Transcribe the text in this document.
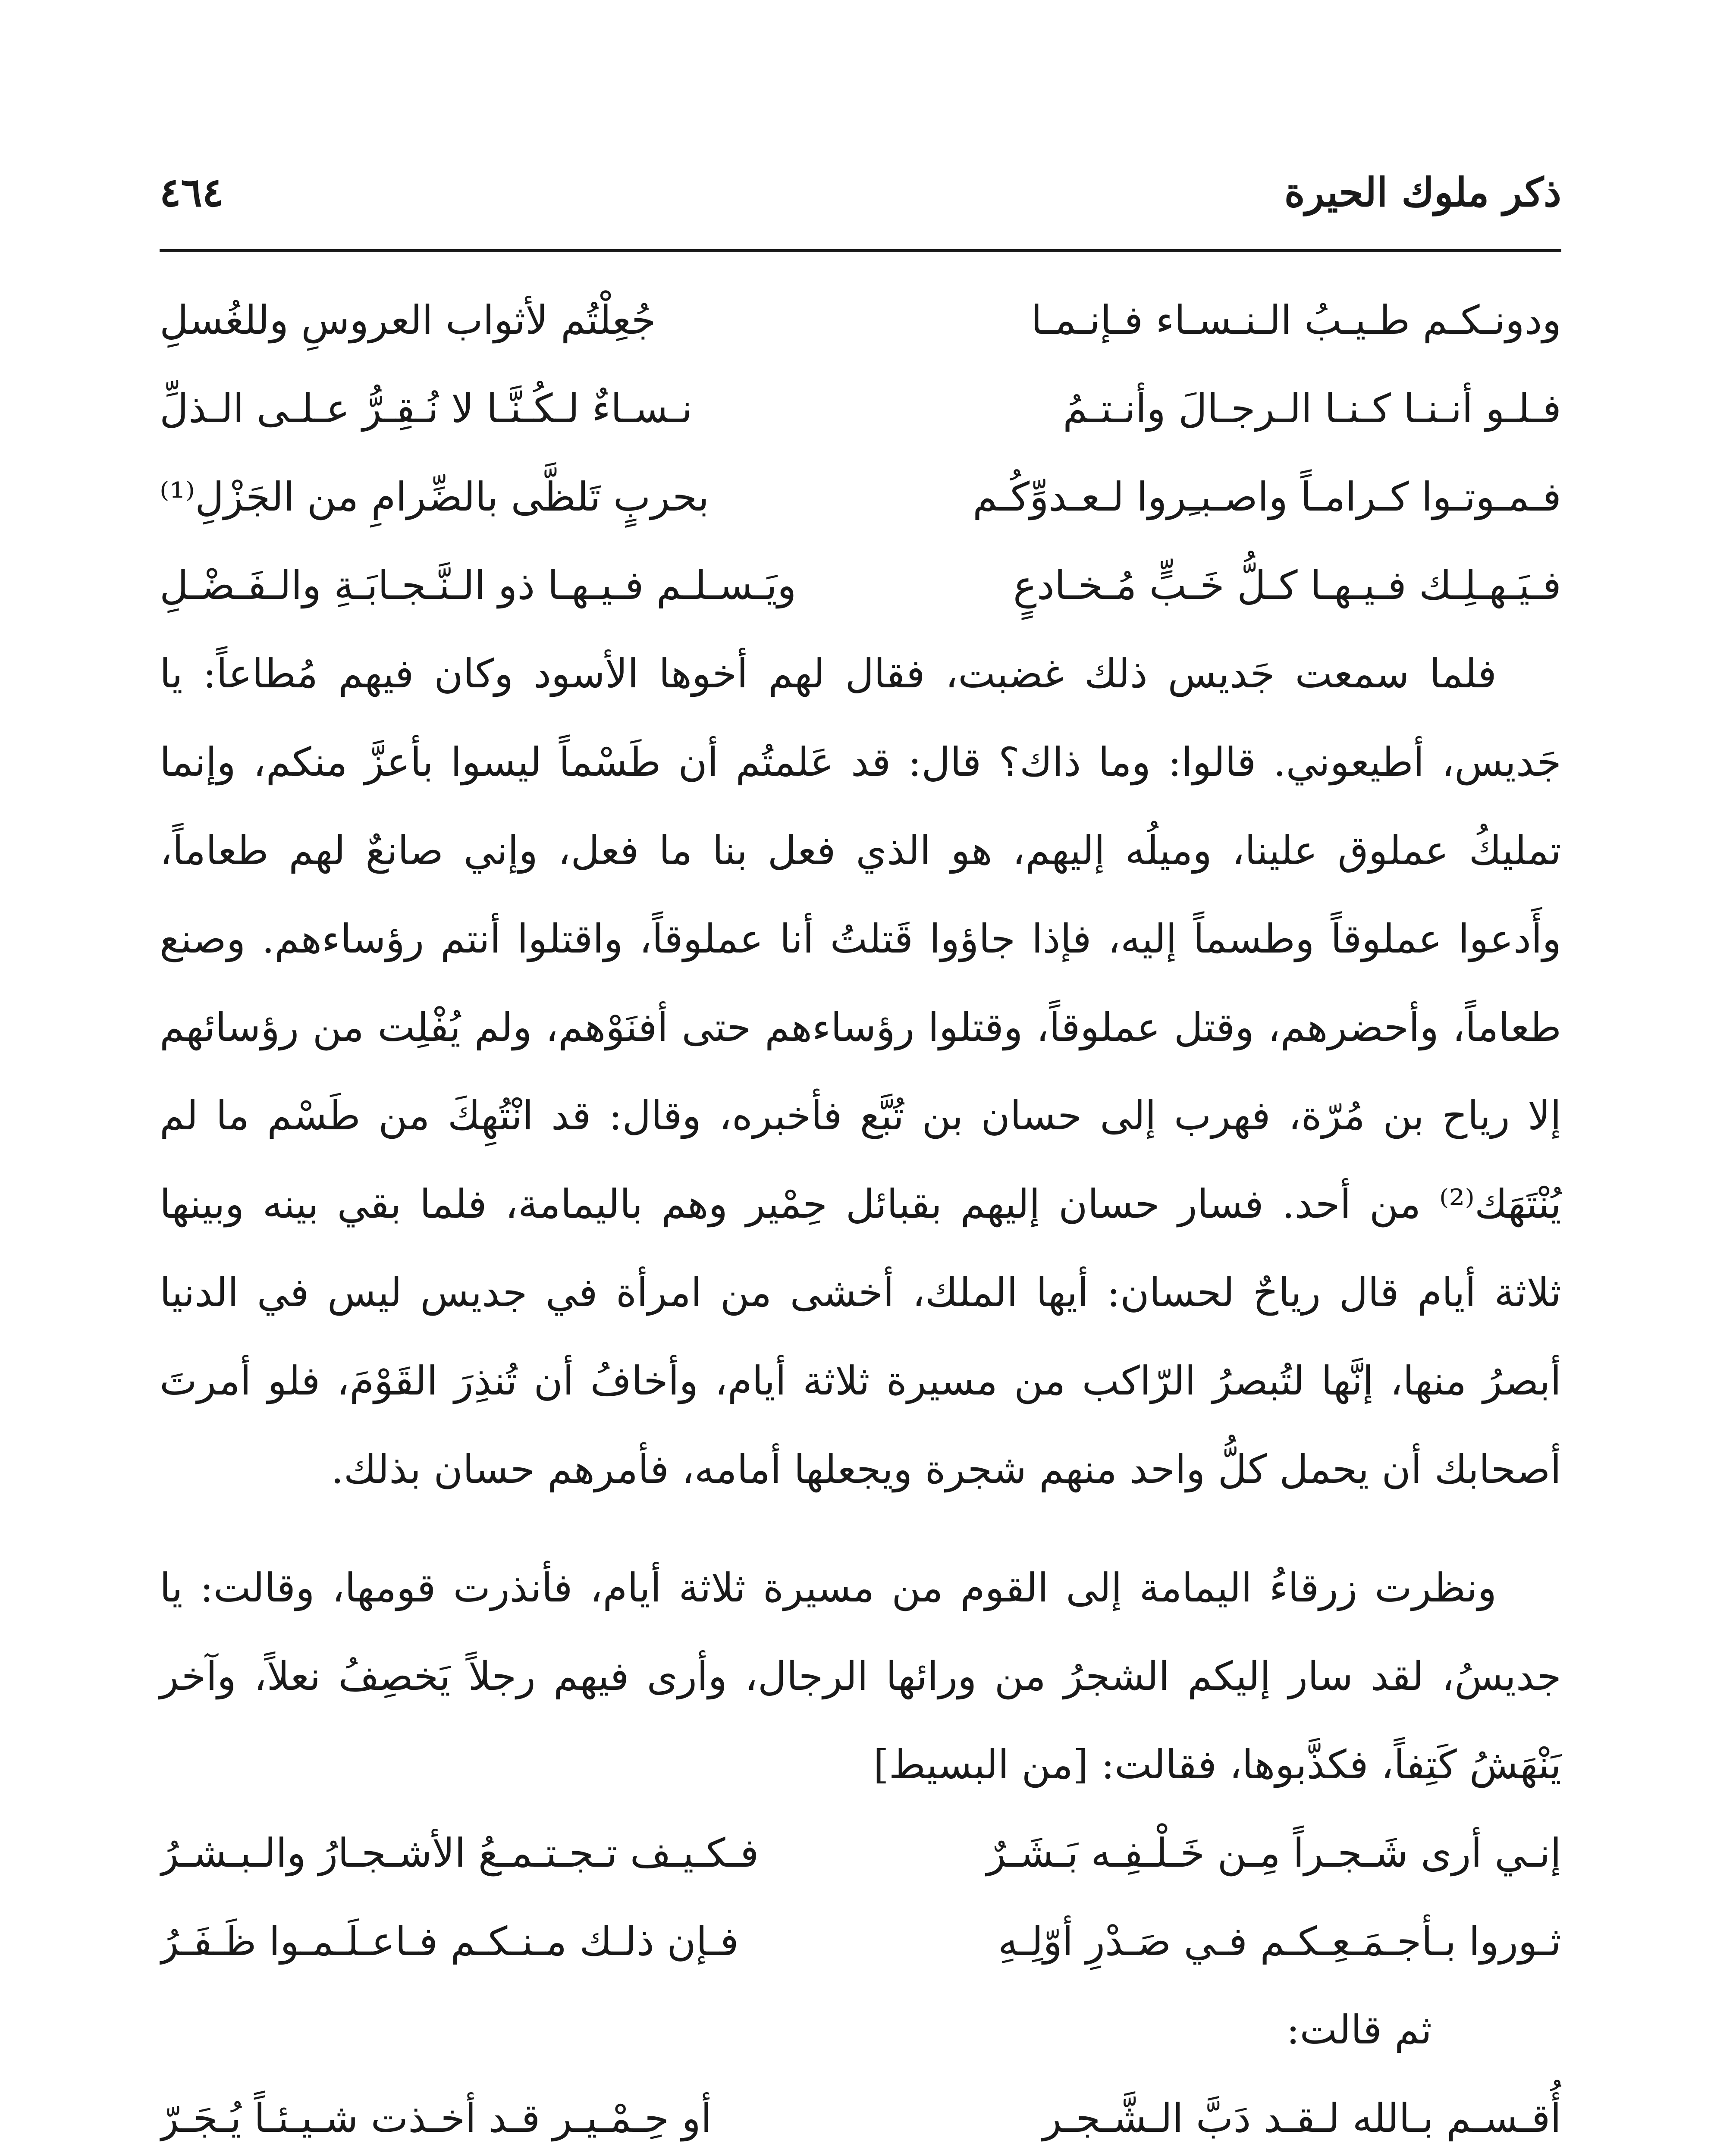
ذكر ملوك الحيرة
٤٦٤
ودونـكـم طـيـبُ الـنـسـاء فـإنـمـا
جُعِلْتُم لأثواب العروسِ وللغُسلِ
فـلـو أنـنـا كـنـا الـرجـالَ وأنـتـمُ
نـسـاءٌ لـكُـنَّـا لا نُـقِـرُّ عـلـى الـذلِّ
فـمـوتـوا كـرامـاً واصـبـِروا لـعـدوِّكُـم
بحربٍ تَلظَّى بالضِّرامِ من الجَزْلِ⁽¹⁾
فـيَـهـلِـك فـيـهـا كـلُّ خَـبٍّ مُـخـادعٍ
ويَـسـلـم فـيـهـا ذو الـنَّـجـابَـةِ والـفَـضْـلِ

فلما سمعت جَديس ذلك غضبت، فقال لهم أخوها الأسود وكان فيهم مُطاعاً: يا جَديس، أطيعوني. قالوا: وما ذاك؟ قال: قد عَلمتُم أن طَسْماً ليسوا بأعزَّ منكم، وإنما تمليكُ عملوق علينا، وميلُه إليهم، هو الذي فعل بنا ما فعل، وإني صانعٌ لهم طعاماً، وأَدعوا عملوقاً وطسماً إليه، فإذا جاؤوا قَتلتُ أنا عملوقاً، واقتلوا أنتم رؤساءهم. وصنع طعاماً، وأحضرهم، وقتل عملوقاً، وقتلوا رؤساءهم حتى أفنَوْهم، ولم يُفْلِت من رؤسائهم إلا رياح بن مُرّة، فهرب إلى حسان بن تُبَّع فأخبره، وقال: قد انْتُهِكَ من طَسْم ما لم يُنْتَهَك⁽²⁾ من أحد. فسار حسان إليهم بقبائل حِمْير وهم باليمامة، فلما بقي بينه وبينها ثلاثة أيام قال رياحٌ لحسان: أيها الملك، أخشى من امرأة في جديس ليس في الدنيا أبصرُ منها، إنَّها لتُبصرُ الرّاكب من مسيرة ثلاثة أيام، وأخافُ أن تُنذِرَ القَوْمَ، فلو أمرتَ أصحابك أن يحمل كلُّ واحد منهم شجرة ويجعلها أمامه، فأمرهم حسان بذلك.

ونظرت زرقاءُ اليمامة إلى القوم من مسيرة ثلاثة أيام، فأنذرت قومها، وقالت: يا جديسُ، لقد سار إليكم الشجرُ من ورائها الرجال، وأرى فيهم رجلاً يَخصِفُ نعلاً، وآخر يَنْهَشُ كَتِفاً، فكذَّبوها، فقالت: [من البسيط]

إنـي أرى شَـجـراً مِـن خَـلْـفِـه بَـشَـرٌ
فـكـيـف تـجـتـمـعُ الأشـجـارُ والـبـشـرُ
ثـوروا بـأجـمَـعِـكـم فـي صَـدْرِ أوّلِـهِ
فـإن ذلـك مـنـكـم فـاعـلَـمـوا ظَـفَـرُ
ثم قالت:
أُقـسـم بـالله لـقـد دَبَّ الـشَّـجـر
أو حِـمْـيـر قـد أخـذت شـيـئـاً يُـجَـرّ
